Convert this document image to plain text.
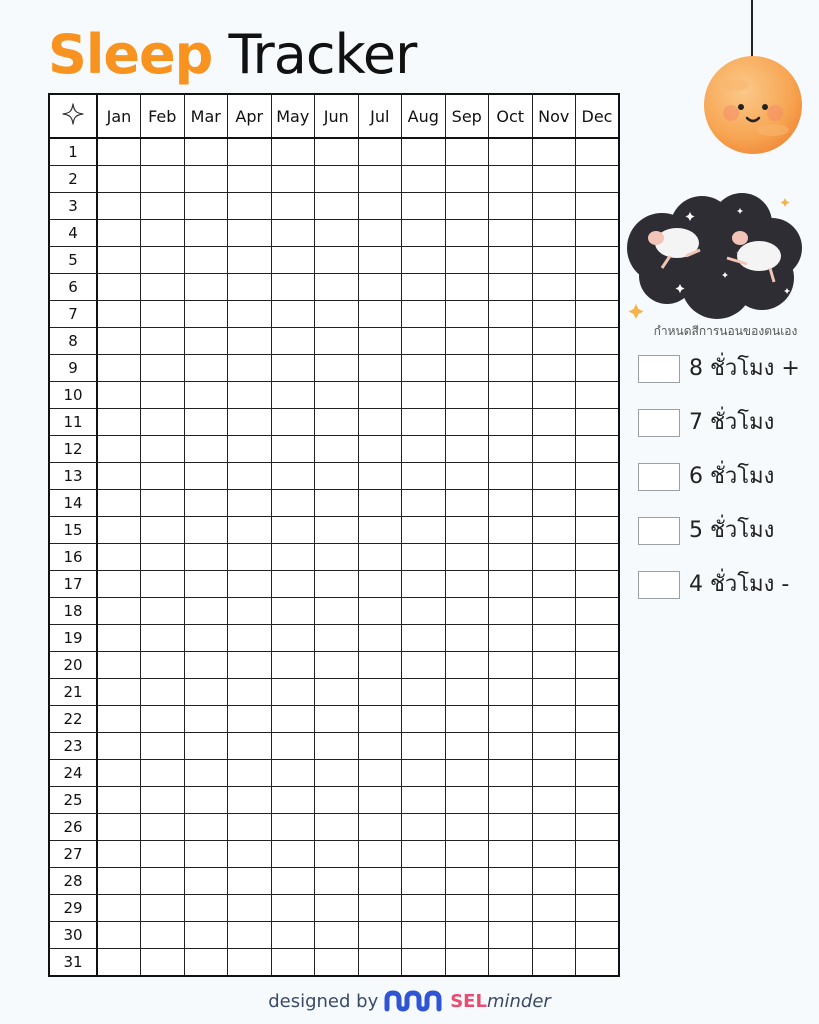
Sleep Tracker
	Jan	Feb	Mar	Apr	May	Jun	Jul	Aug	Sep	Oct	Nov	Dec
1												
2												
3												
4												
5												
6												
7												
8												
9												
10												
11												
12												
13												
14												
15												
16												
17												
18												
19												
20												
21												
22												
23												
24												
25												
26												
27												
28												
29												
30												
31												
กำหนดสีการนอนของตนเอง
8 ชั่วโมง +
7 ชั่วโมง
6 ชั่วโมง
5 ชั่วโมง
4 ชั่วโมง -
designed by	SEL minder
